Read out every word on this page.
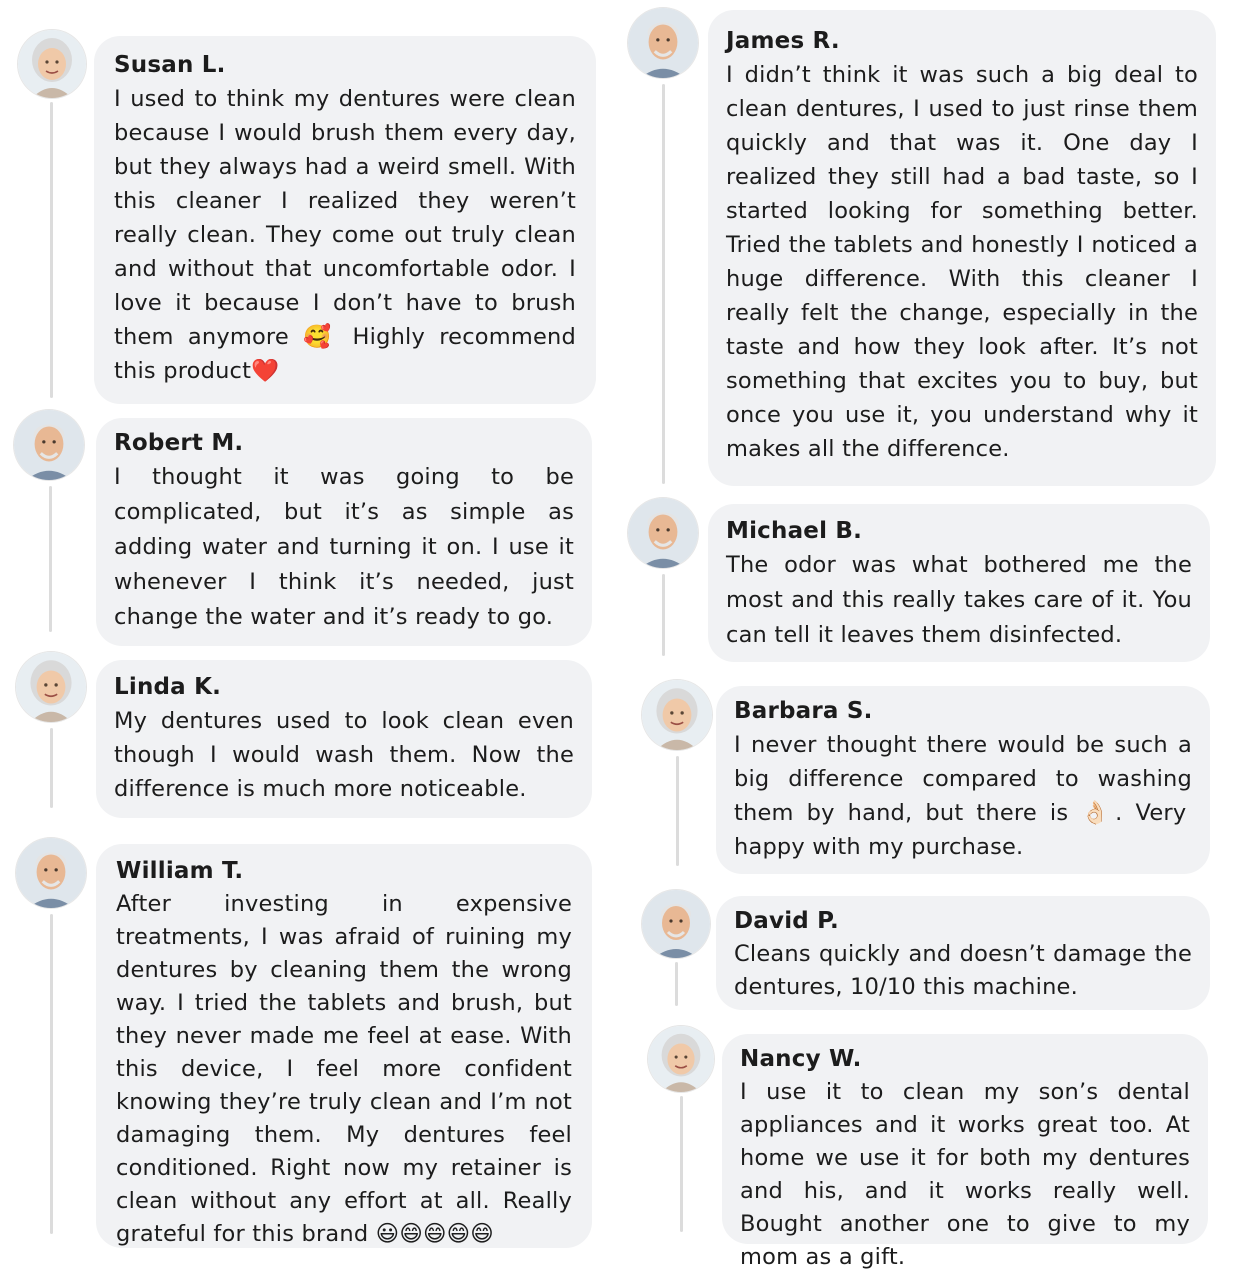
Susan L.

I used to think my dentures were clean because I would brush them every day, but they always had a weird smell. With this cleaner I realized they weren’t really clean. They come out truly clean and without that uncomfortable odor. I love it because I don’t have to brush them anymore 🥰 Highly recommend this product❤️

Robert M.

I thought it was going to be complicated, but it’s as simple as adding water and turning it on. I use it whenever I think it’s needed, just change the water and it’s ready to go.

Linda K.

My dentures used to look clean even though I would wash them. Now the difference is much more noticeable.

William T.

After investing in expensive treatments, I was afraid of ruining my dentures by cleaning them the wrong way. I tried the tablets and brush, but they never made me feel at ease. With this device, I feel more confident knowing they’re truly clean and I’m not damaging them. My dentures feel conditioned. Right now my retainer is clean without any effort at all. Really grateful for this brand 😃😄😄😄😄

James R.

I didn’t think it was such a big deal to clean dentures, I used to just rinse them quickly and that was it. One day I realized they still had a bad taste, so I started looking for something better. Tried the tablets and honestly I noticed a huge difference. With this cleaner I really felt the change, especially in the taste and how they look after. It’s not something that excites you to buy, but once you use it, you understand why it makes all the difference.

Michael B.

The odor was what bothered me the most and this really takes care of it. You can tell it leaves them disinfected.

Barbara S.

I never thought there would be such a big difference compared to washing them by hand, but there is 👌🏻. Very happy with my purchase.

David P.

Cleans quickly and doesn’t damage the dentures, 10/10 this machine.

Nancy W.

I use it to clean my son’s dental appliances and it works great too. At home we use it for both my dentures and his, and it works really well. Bought another one to give to my mom as a gift.
